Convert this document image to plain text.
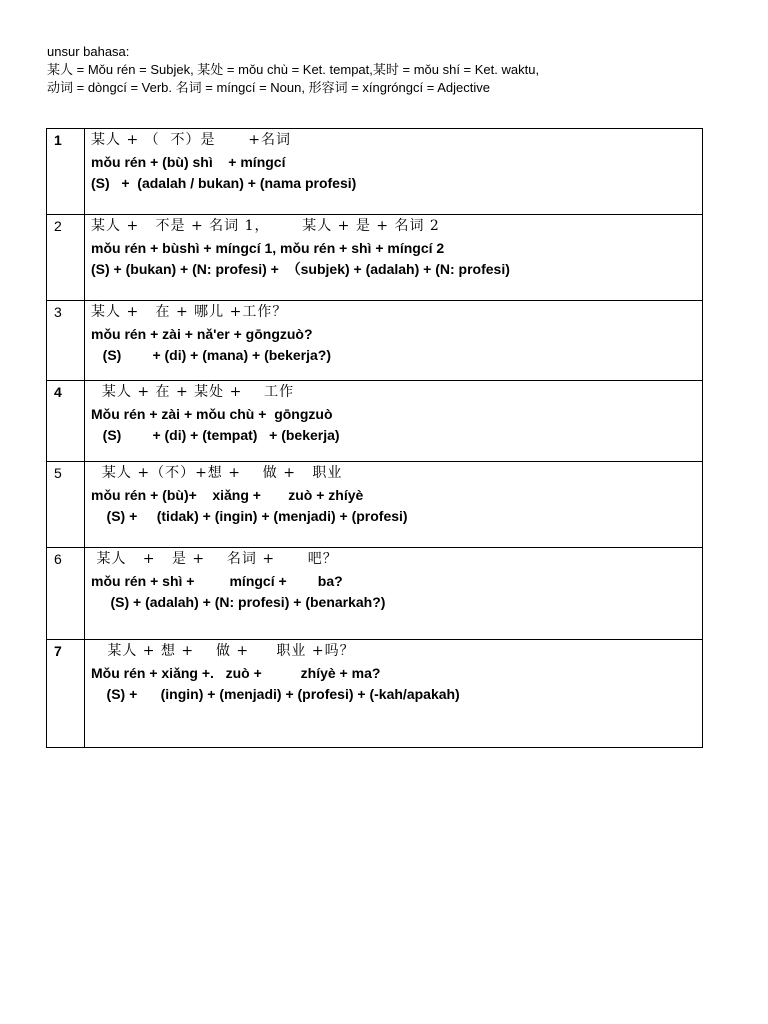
unsur bahasa:
某人 = Mǒu rén = Subjek, 某处 = mǒu chù = Ket. tempat,某时 = mǒu shí = Ket. waktu,
动词 = dòngcí = Verb. 名词 = míngcí = Noun, 形容词 = xíngróngcí = Adjective
1	某人 + （  不）是      +名词
mǒu rén + (bù) shì    + míngcí
(S)   +  (adalah / bukan) + (nama profesi)

2	某人 +   不是 + 名词 1，      某人 + 是 + 名词 2
mǒu rén + bùshì + míngcí 1, mǒu rén + shì + míngcí 2
(S) + (bukan) + (N: profesi) +  （subjek) + (adalah) + (N: profesi)

3	某人 +   在 + 哪儿 +工作？
mǒu rén + zài + nǎ'er + gōngzuò?
(S)        + (di) + (mana) + (bekerja?)

4	某人 + 在 + 某处 +    工作
Mǒu rén + zài + mǒu chù +  gōngzuò
(S)        + (di) + (tempat)   + (bekerja)

5	某人 +（不）+想 +    做 +   职业
mǒu rén + (bù)+    xiǎng +       zuò + zhíyè
(S) +     (tidak) + (ingin) + (menjadi) + (profesi)

6	某人   +   是 +    名词 +      吧？
mǒu rén + shì +         míngcí +        ba?
(S) + (adalah) + (N: profesi) + (benarkah?)

7	某人 + 想 +    做 +     职业 +吗？
Mǒu rén + xiǎng +.   zuò +          zhíyè + ma?
(S) +      (ingin) + (menjadi) + (profesi) + (-kah/apakah)
